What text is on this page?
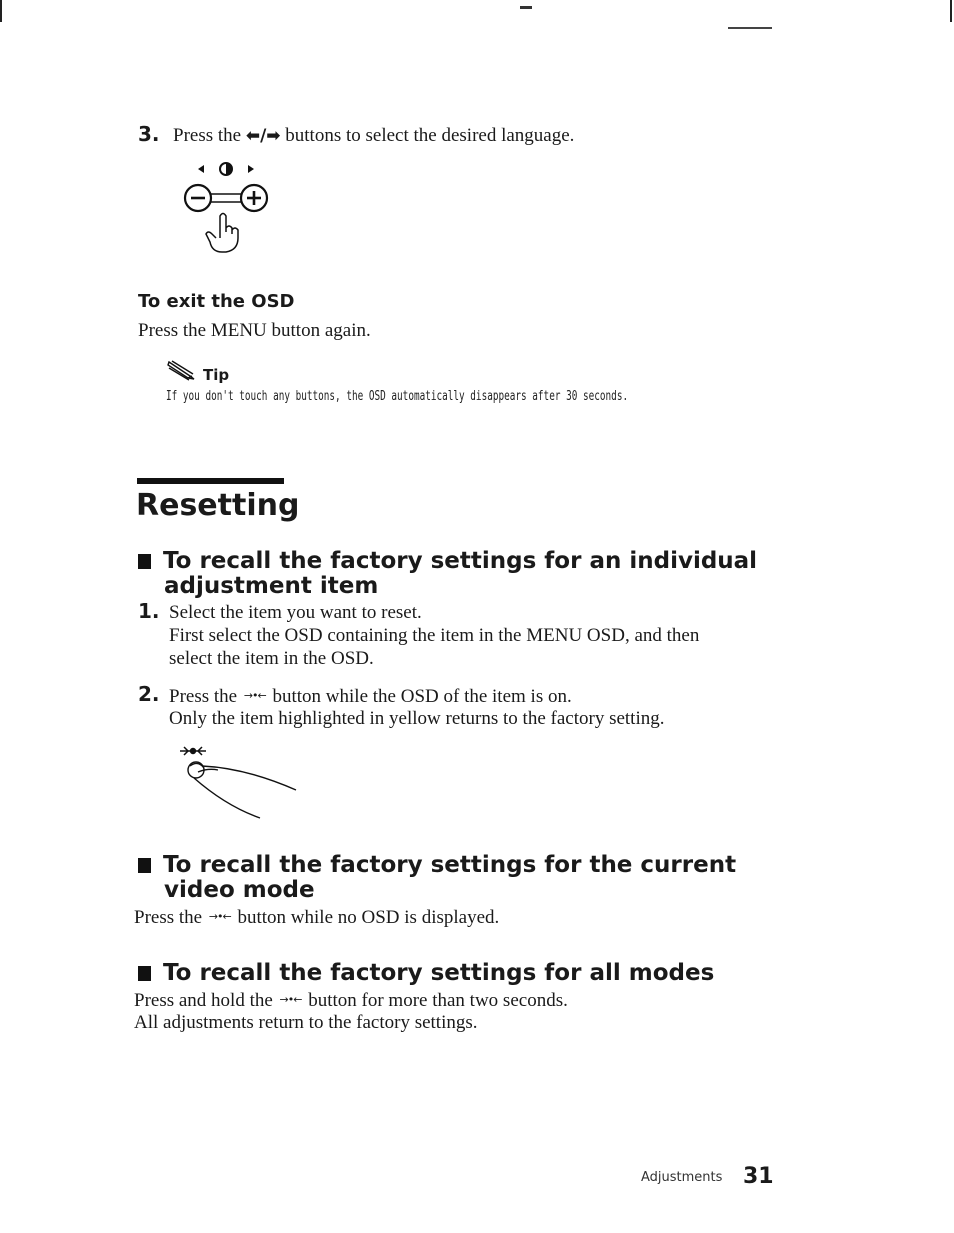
3. Press the ⬅/➡ buttons to select the desired language.
To exit the OSD
Press the MENU button again.
Tip
If you don't touch any buttons, the OSD automatically disappears after 30 seconds.
Resetting
To recall the factory settings for an individual
adjustment item
1. Select the item you want to reset.
First select the OSD containing the item in the MENU OSD, and then
select the item in the OSD.
2. Press the →•← button while the OSD of the item is on.
Only the item highlighted in yellow returns to the factory setting.
To recall the factory settings for the current
video mode
Press the →•← button while no OSD is displayed.
To recall the factory settings for all modes
Press and hold the →•← button for more than two seconds.
All adjustments return to the factory settings.
Adjustments 31
